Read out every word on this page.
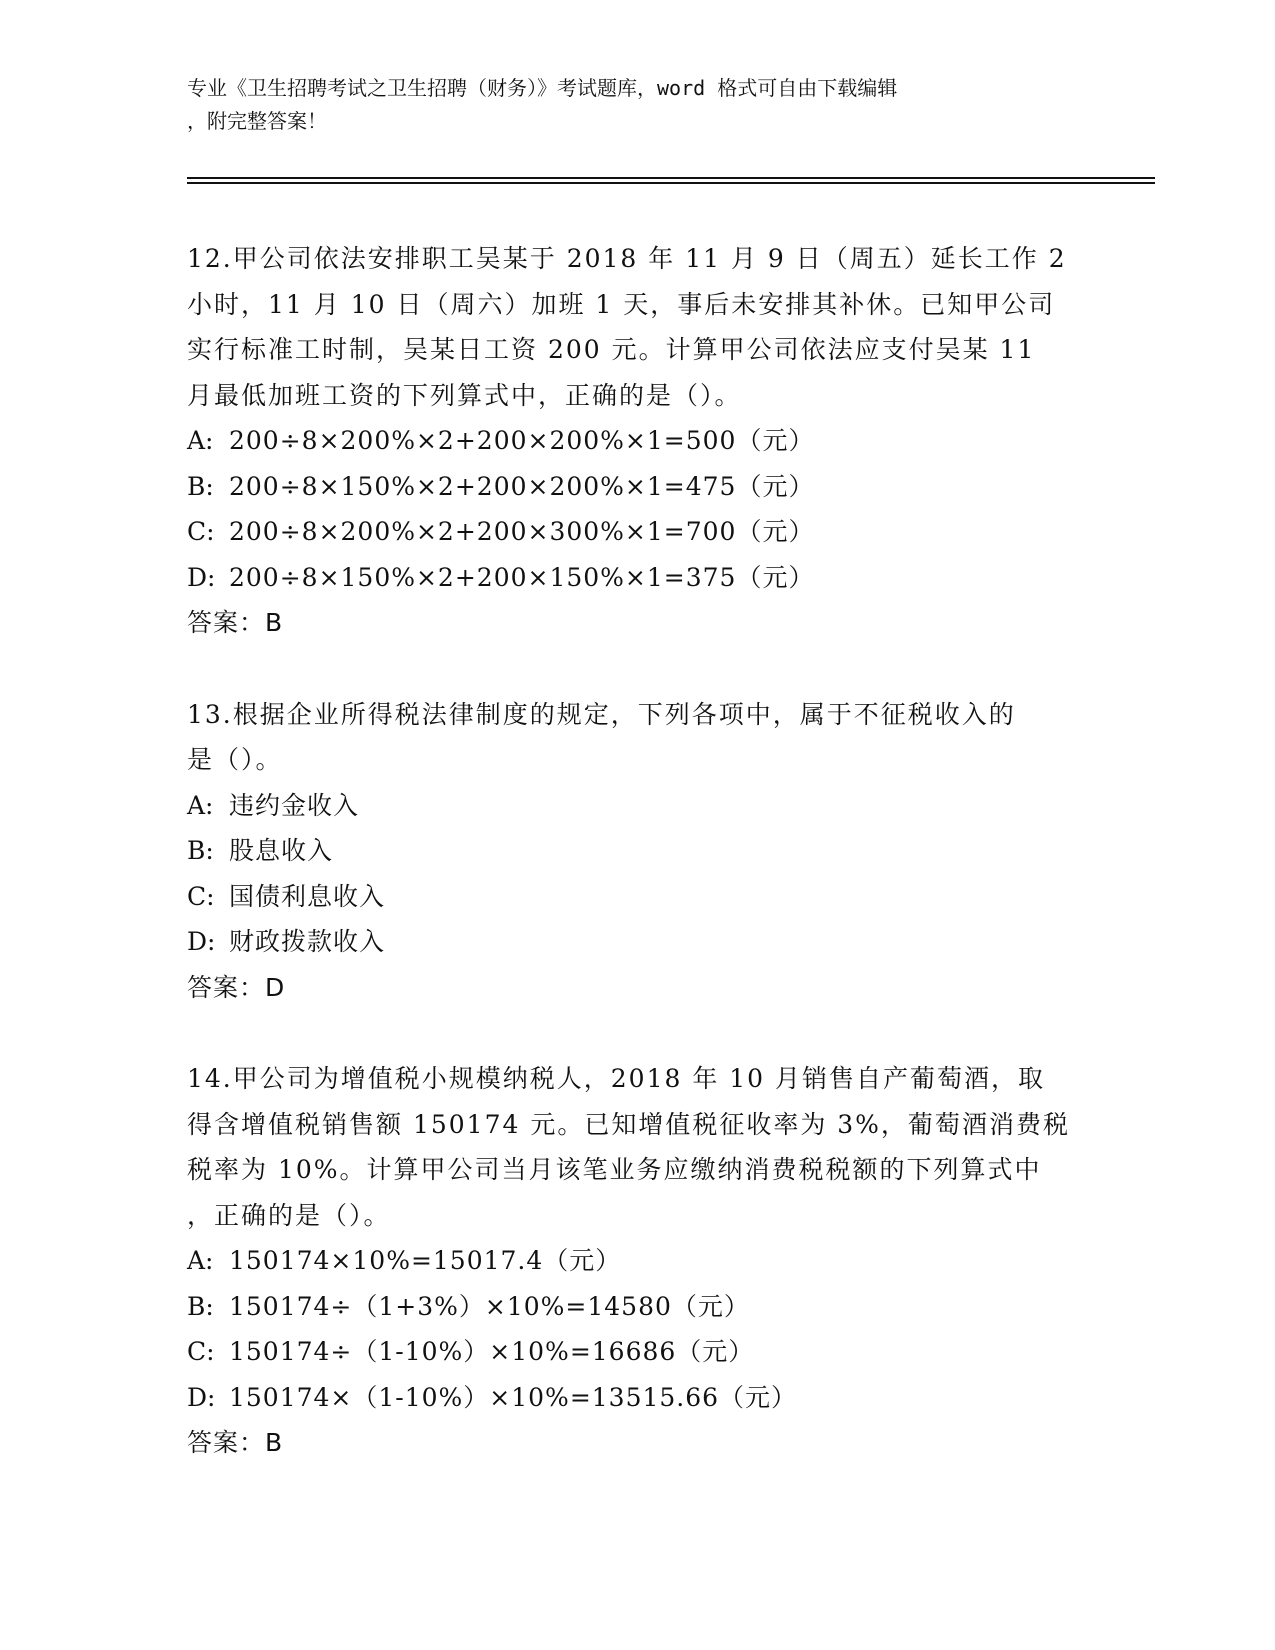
专业《卫生招聘考试之卫生招聘（财务）》考试题库，word 格式可自由下载编辑
，附完整答案！
12.甲公司依法安排职工吴某于 2018 年 11 月 9 日（周五）延长工作 2
小时，11 月 10 日（周六）加班 1 天，事后未安排其补休。已知甲公司
实行标准工时制，吴某日工资 200 元。计算甲公司依法应支付吴某 11
月最低加班工资的下列算式中，正确的是（）。
A: 200÷8×200%×2+200×200%×1=500（元）
B: 200÷8×150%×2+200×200%×1=475（元）
C: 200÷8×200%×2+200×300%×1=700（元）
D: 200÷8×150%×2+200×150%×1=375（元）
答案：B
13.根据企业所得税法律制度的规定，下列各项中，属于不征税收入的
是（）。
A: 违约金收入
B: 股息收入
C: 国债利息收入
D: 财政拨款收入
答案：D
14.甲公司为增值税小规模纳税人，2018 年 10 月销售自产葡萄酒，取
得含增值税销售额 150174 元。已知增值税征收率为 3%，葡萄酒消费税
税率为 10%。计算甲公司当月该笔业务应缴纳消费税税额的下列算式中
，正确的是（）。
A: 150174×10%=15017.4（元）
B: 150174÷（1+3%）×10%=14580（元）
C: 150174÷（1-10%）×10%=16686（元）
D: 150174×（1-10%）×10%=13515.66（元）
答案：B
